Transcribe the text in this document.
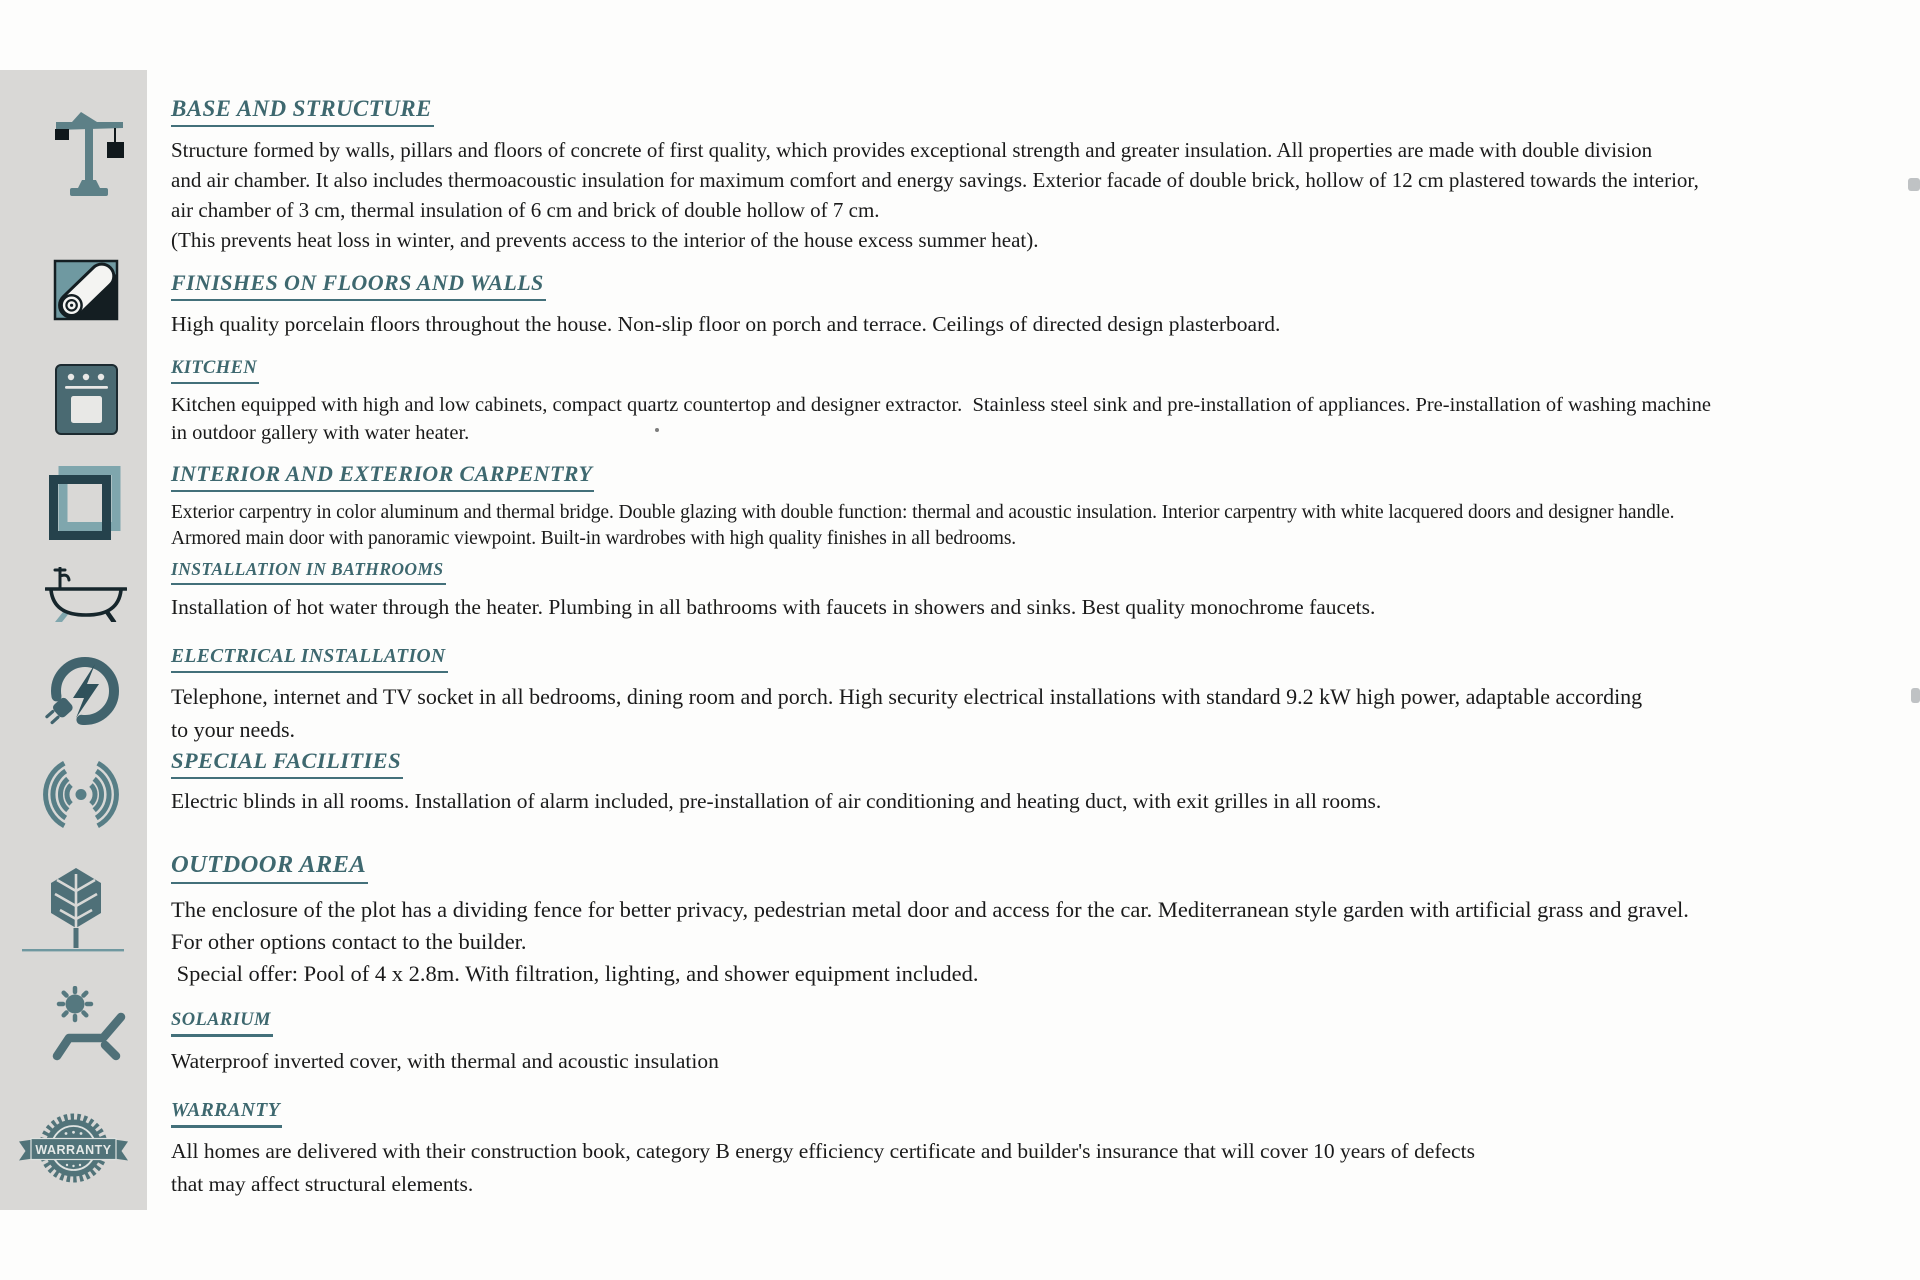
WARRANTY
BASE AND STRUCTURE
Structure formed by walls, pillars and floors of concrete of first quality, which provides exceptional strength and greater insulation. All properties are made with double division
and air chamber. It also includes thermoacoustic insulation for maximum comfort and energy savings. Exterior facade of double brick, hollow of 12 cm plastered towards the interior,
air chamber of 3 cm, thermal insulation of 6 cm and brick of double hollow of 7 cm.
(This prevents heat loss in winter, and prevents access to the interior of the house excess summer heat).
FINISHES ON FLOORS AND WALLS
High quality porcelain floors throughout the house. Non-slip floor on porch and terrace. Ceilings of directed design plasterboard.
KITCHEN
Kitchen equipped with high and low cabinets, compact quartz countertop and designer extractor.  Stainless steel sink and pre-installation of appliances. Pre-installation of washing machine
in outdoor gallery with water heater.
INTERIOR AND EXTERIOR CARPENTRY
Exterior carpentry in color aluminum and thermal bridge. Double glazing with double function: thermal and acoustic insulation. Interior carpentry with white lacquered doors and designer handle.
Armored main door with panoramic viewpoint. Built-in wardrobes with high quality finishes in all bedrooms.
INSTALLATION IN BATHROOMS
Installation of hot water through the heater. Plumbing in all bathrooms with faucets in showers and sinks. Best quality monochrome faucets.
ELECTRICAL INSTALLATION
Telephone, internet and TV socket in all bedrooms, dining room and porch. High security electrical installations with standard 9.2 kW high power, adaptable according
to your needs.
SPECIAL FACILITIES
Electric blinds in all rooms. Installation of alarm included, pre-installation of air conditioning and heating duct, with exit grilles in all rooms.
OUTDOOR AREA
The enclosure of the plot has a dividing fence for better privacy, pedestrian metal door and access for the car. Mediterranean style garden with artificial grass and gravel.
For other options contact to the builder.
Special offer: Pool of 4 x 2.8m. With filtration, lighting, and shower equipment included.
SOLARIUM
Waterproof inverted cover, with thermal and acoustic insulation
WARRANTY
All homes are delivered with their construction book, category B energy efficiency certificate and builder's insurance that will cover 10 years of defects
that may affect structural elements.
